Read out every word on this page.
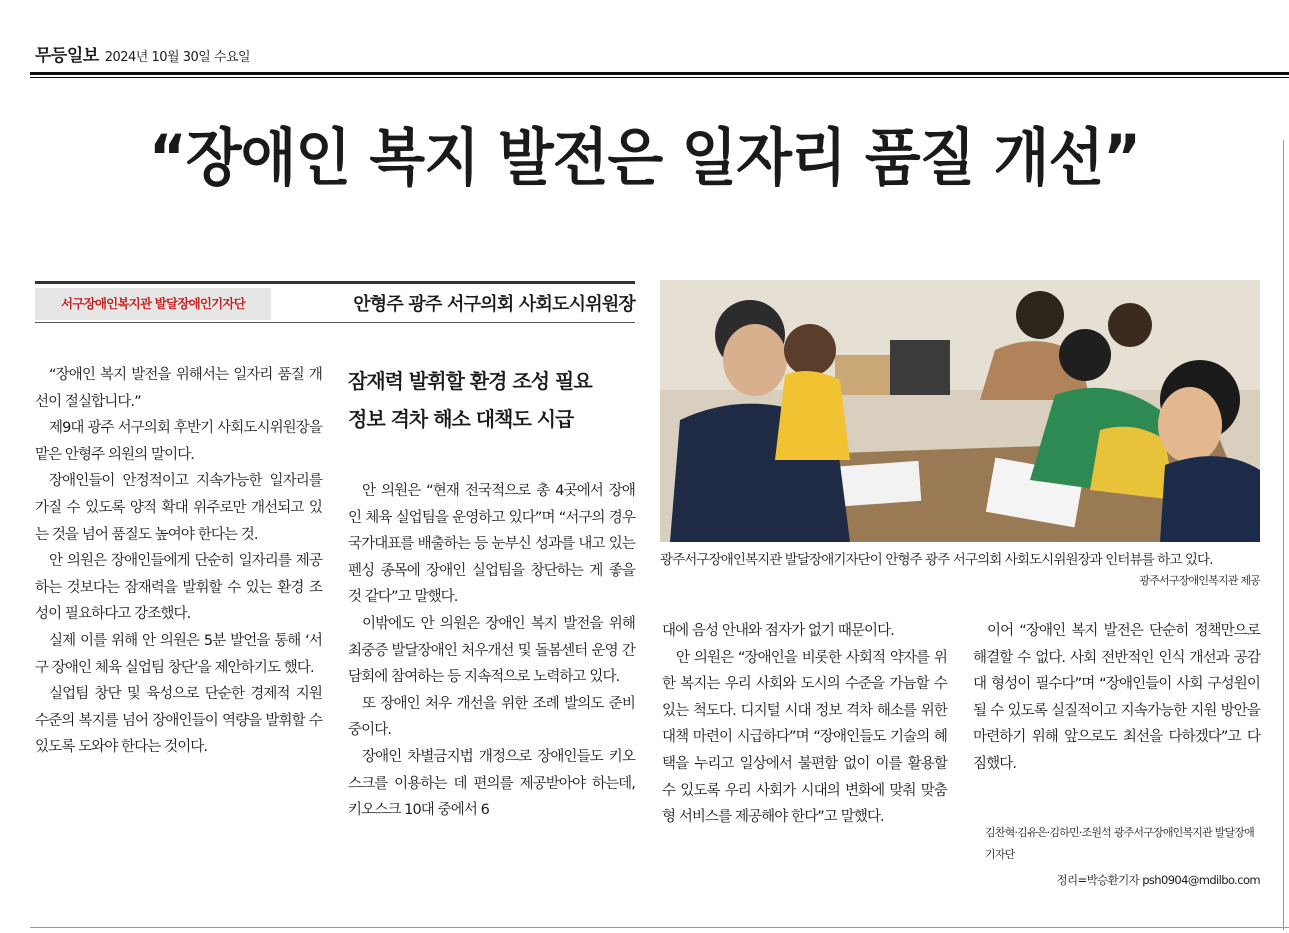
무등일보 2024년 10월 30일 수요일
“장애인 복지 발전은 일자리 품질 개선”
서구장애인복지관 발달장애인기자단	안형주 광주 서구의회 사회도시위원장

“장애인 복지 발전을 위해서는 일자리 품질 개선이 절실합니다.”

제9대 광주 서구의회 후반기 사회도시위원장을 맡은 안형주 의원의 말이다.

장애인들이 안정적이고 지속가능한 일자리를 가질 수 있도록 양적 확대 위주로만 개선되고 있는 것을 넘어 품질도 높여야 한다는 것.

안 의원은 장애인들에게 단순히 일자리를 제공하는 것보다는 잠재력을 발휘할 수 있는 환경 조성이 필요하다고 강조했다.

실제 이를 위해 안 의원은 5분 발언을 통해 ‘서구 장애인 체육 실업팀 창단’을 제안하기도 했다.

실업팀 창단 및 육성으로 단순한 경제적 지원 수준의 복지를 넘어 장애인들이 역량을 발휘할 수 있도록 도와야 한다는 것이다.

잠재력 발휘할 환경 조성 필요
정보 격차 해소 대책도 시급

안 의원은 “현재 전국적으로 총 4곳에서 장애인 체육 실업팀을 운영하고 있다”며 “서구의 경우 국가대표를 배출하는 등 눈부신 성과를 내고 있는 펜싱 종목에 장애인 실업팀을 창단하는 게 좋을 것 같다”고 말했다.

이밖에도 안 의원은 장애인 복지 발전을 위해 최중증 발달장애인 처우개선 및 돌봄센터 운영 간담회에 참여하는 등 지속적으로 노력하고 있다.

또 장애인 처우 개선을 위한 조례 발의도 준비 중이다.

장애인 차별금지법 개정으로 장애인들도 키오스크를 이용하는 데 편의를 제공받아야 하는데, 키오스크 10대 중에서 6

광주서구장애인복지관 발달장애기자단이 안형주 광주 서구의회 사회도시위원장과 인터뷰를 하고 있다.
광주서구장애인복지관 제공

대에 음성 안내와 점자가 없기 때문이다.

안 의원은 “장애인을 비롯한 사회적 약자를 위한 복지는 우리 사회와 도시의 수준을 가늠할 수 있는 척도다. 디지털 시대 정보 격차 해소를 위한 대책 마련이 시급하다”며 “장애인들도 기술의 혜택을 누리고 일상에서 불편함 없이 이를 활용할 수 있도록 우리 사회가 시대의 변화에 맞춰 맞춤형 서비스를 제공해야 한다”고 말했다.

이어 “장애인 복지 발전은 단순히 정책만으로 해결할 수 없다. 사회 전반적인 인식 개선과 공감대 형성이 필수다”며 “장애인들이 사회 구성원이 될 수 있도록 실질적이고 지속가능한 지원 방안을 마련하기 위해 앞으로도 최선을 다하겠다”고 다짐했다.

김찬혁·김유은·김하민·조원석 광주서구장애인복지관 발달장애 기자단
정리=박승환기자 psh0904@mdilbo.com
